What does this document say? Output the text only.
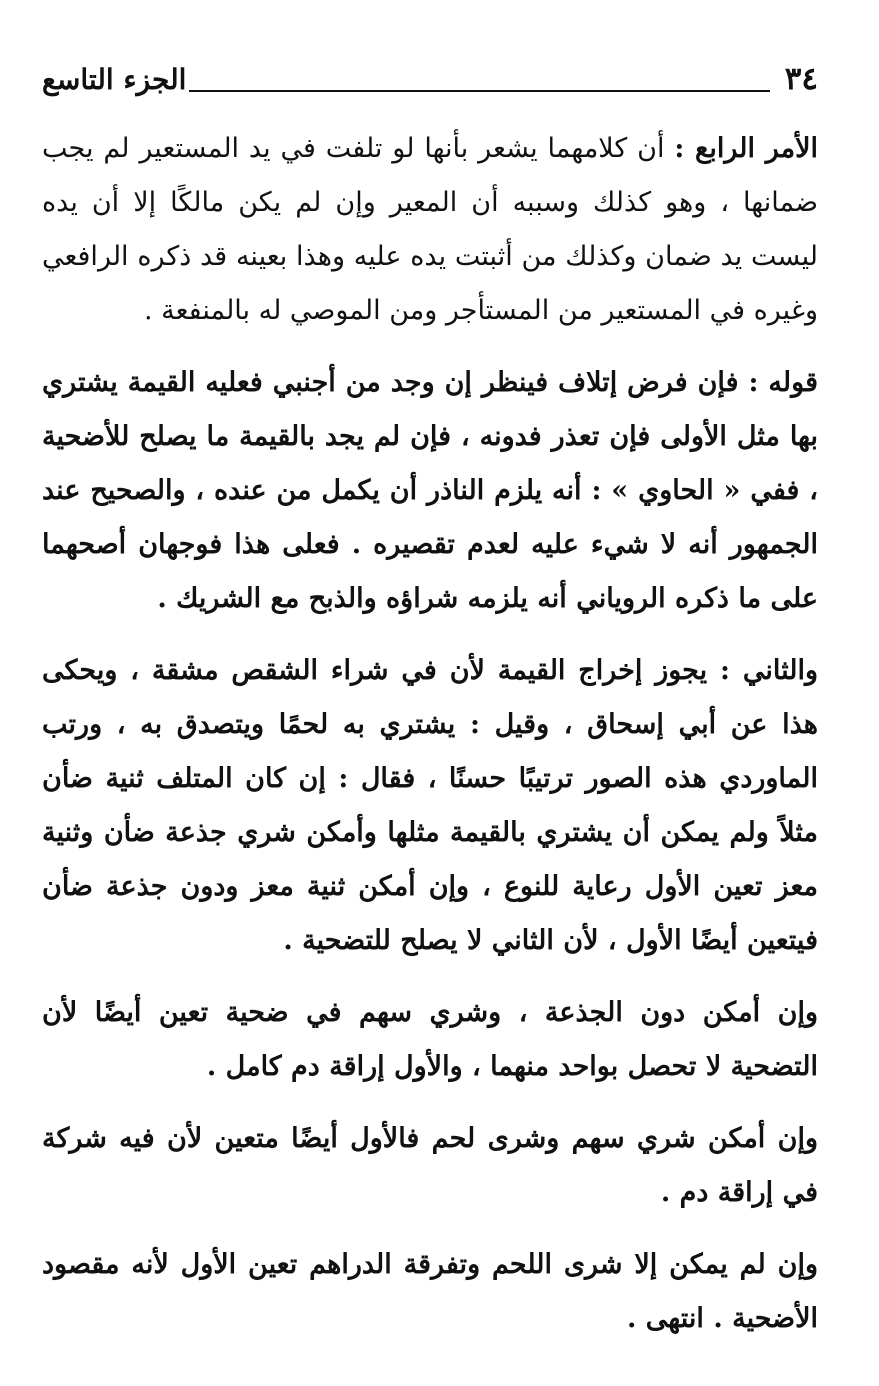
٣٤
الجزء التاسع

الأمر الرابع : أن كلامهما يشعر بأنها لو تلفت في يد المستعير لم يجب ضمانها ، وهو كذلك وسببه أن المعير وإن لم يكن مالكًا إلا أن يده ليست يد ضمان وكذلك من أثبتت يده عليه وهذا بعينه قد ذكره الرافعي وغيره في المستعير من المستأجر ومن الموصي له بالمنفعة .

قوله : فإن فرض إتلاف فينظر إن وجد من أجنبي فعليه القيمة يشتري بها مثل الأولى فإن تعذر فدونه ، فإن لم يجد بالقيمة ما يصلح للأضحية ، ففي « الحاوي » : أنه يلزم الناذر أن يكمل من عنده ، والصحيح عند الجمهور أنه لا شيء عليه لعدم تقصيره . فعلى هذا فوجهان أصحهما على ما ذكره الروياني أنه يلزمه شراؤه والذبح مع الشريك .

والثاني : يجوز إخراج القيمة لأن في شراء الشقص مشقة ، ويحكى هذا عن أبي إسحاق ، وقيل : يشتري به لحمًا ويتصدق به ، ورتب الماوردي هذه الصور ترتيبًا حسنًا ، فقال : إن كان المتلف ثنية ضأن مثلاً ولم يمكن أن يشتري بالقيمة مثلها وأمكن شري جذعة ضأن وثنية معز تعين الأول رعاية للنوع ، وإن أمكن ثنية معز ودون جذعة ضأن فيتعين أيضًا الأول ، لأن الثاني لا يصلح للتضحية .

وإن أمكن دون الجذعة ، وشري سهم في ضحية تعين أيضًا لأن التضحية لا تحصل بواحد منهما ، والأول إراقة دم كامل .

وإن أمكن شري سهم وشرى لحم فالأول أيضًا متعين لأن فيه شركة في إراقة دم .

وإن لم يمكن إلا شرى اللحم وتفرقة الدراهم تعين الأول لأنه مقصود الأضحية . انتهى .
